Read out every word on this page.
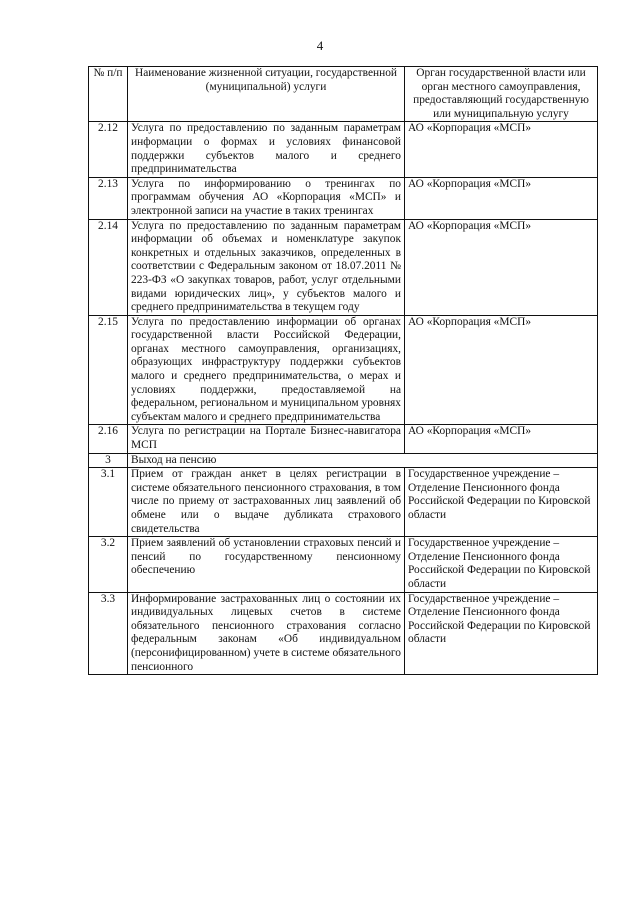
4
№ п/п	Наименование жизненной ситуации, государственной (муниципальной) услуги	Орган государственной власти или орган местного самоуправления, предоставляющий государственную или муниципальную услугу
2.12	Услуга по предоставлению по заданным параметрам информации о формах и условиях финансовой поддержки субъектов малого и среднего предпринимательства	АО «Корпорация «МСП»
2.13	Услуга по информированию о тренингах по программам обучения АО «Корпорация «МСП» и электронной записи на участие в таких тренингах	АО «Корпорация «МСП»
2.14	Услуга по предоставлению по заданным параметрам информации об объемах и номенклатуре закупок конкретных и отдельных заказчиков, определенных в соответствии с Федеральным законом от 18.07.2011 № 223-ФЗ «О закупках товаров, работ, услуг отдельными видами юридических лиц», у субъектов малого и среднего предпринимательства в текущем году	АО «Корпорация «МСП»
2.15	Услуга по предоставлению информации об органах государственной власти Российской Федерации, органах местного самоуправления, организациях, образующих инфраструктуру поддержки субъектов малого и среднего предпринимательства, о мерах и условиях поддержки, предоставляемой на федеральном, региональном и муниципальном уровнях субъектам малого и среднего предпринимательства	АО «Корпорация «МСП»
2.16	Услуга по регистрации на Портале Бизнес-навигатора МСП	АО «Корпорация «МСП»
3	Выход на пенсию	
3.1	Прием от граждан анкет в целях регистрации в системе обязательного пенсионного страхования, в том числе по приему от застрахованных лиц заявлений об обмене или о выдаче дубликата страхового свидетельства	Государственное учреждение – Отделение Пенсионного фонда Российской Федерации по Кировской области
3.2	Прием заявлений об установлении страховых пенсий и пенсий по государственному пенсионному обеспечению	Государственное учреждение – Отделение Пенсионного фонда Российской Федерации по Кировской области
3.3	Информирование застрахованных лиц о состоянии их индивидуальных лицевых счетов в системе обязательного пенсионного страхования согласно федеральным законам «Об индивидуальном (персонифицированном) учете в системе обязательного пенсионного	Государственное учреждение – Отделение Пенсионного фонда Российской Федерации по Кировской области
